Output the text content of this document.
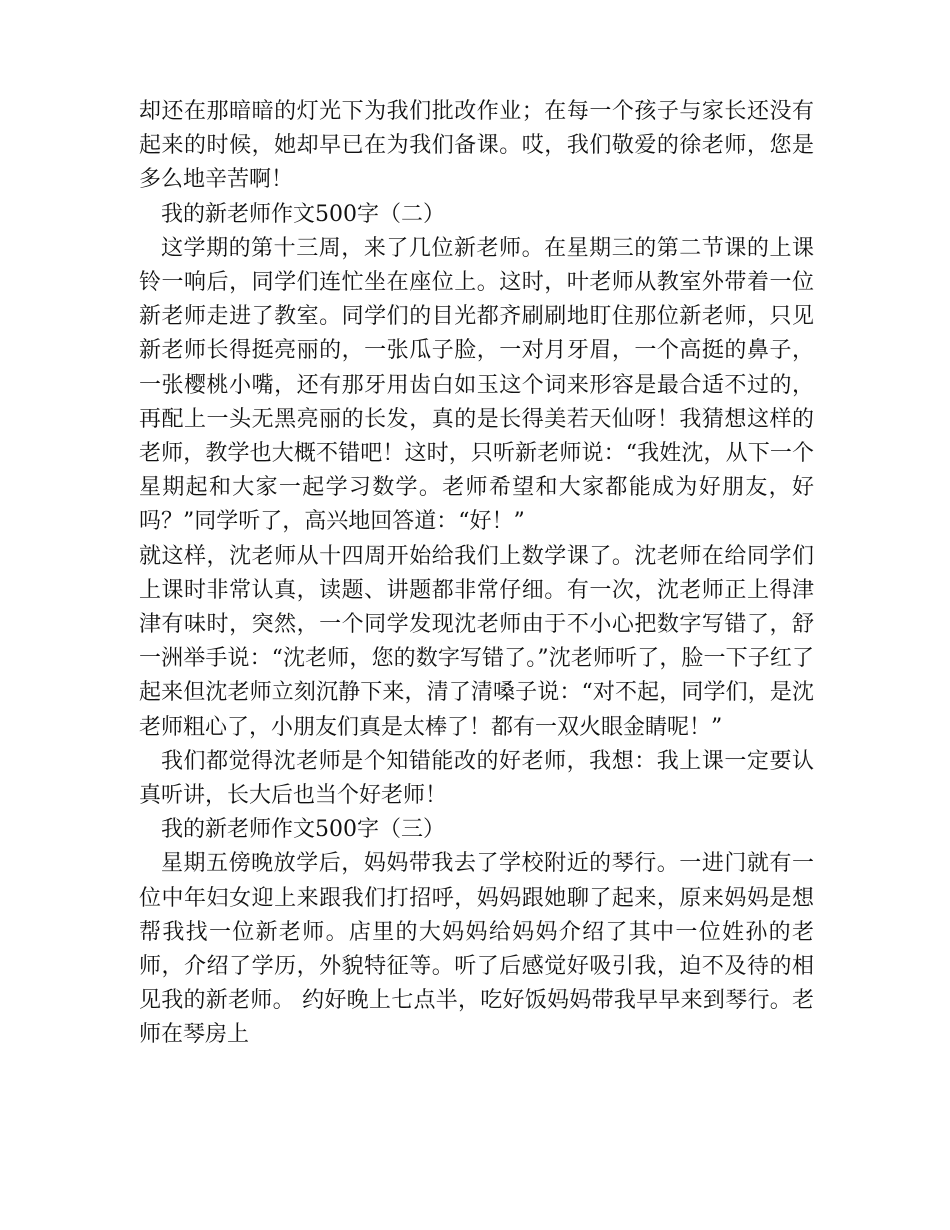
却还在那暗暗的灯光下为我们批改作业；在每一个孩子与家长还没有起来的时候，她却早已在为我们备课。哎，我们敬爱的徐老师，您是多么地辛苦啊！

我的新老师作文500字（二）

这学期的第十三周，来了几位新老师。在星期三的第二节课的上课铃一响后，同学们连忙坐在座位上。这时，叶老师从教室外带着一位新老师走进了教室。同学们的目光都齐刷刷地盯住那位新老师，只见新老师长得挺亮丽的，一张瓜子脸，一对月牙眉，一个高挺的鼻子，一张樱桃小嘴，还有那牙用齿白如玉这个词来形容是最合适不过的，再配上一头无黑亮丽的长发，真的是长得美若天仙呀！我猜想这样的老师，教学也大概不错吧！这时，只听新老师说：“我姓沈，从下一个星期起和大家一起学习数学。老师希望和大家都能成为好朋友，好吗？”同学听了，高兴地回答道：“好！”

就这样，沈老师从十四周开始给我们上数学课了。沈老师在给同学们上课时非常认真，读题、讲题都非常仔细。有一次，沈老师正上得津津有味时，突然，一个同学发现沈老师由于不小心把数字写错了，舒一洲举手说：“沈老师，您的数字写错了。”沈老师听了，脸一下子红了起来但沈老师立刻沉静下来，清了清嗓子说：“对不起，同学们，是沈老师粗心了，小朋友们真是太棒了！都有一双火眼金睛呢！”

我们都觉得沈老师是个知错能改的好老师，我想：我上课一定要认真听讲，长大后也当个好老师！

我的新老师作文500字（三）

星期五傍晚放学后，妈妈带我去了学校附近的琴行。一进门就有一位中年妇女迎上来跟我们打招呼，妈妈跟她聊了起来，原来妈妈是想帮我找一位新老师。店里的大妈妈给妈妈介绍了其中一位姓孙的老师，介绍了学历，外貌特征等。听了后感觉好吸引我，迫不及待的相见我的新老师。 约好晚上七点半，吃好饭妈妈带我早早来到琴行。老师在琴房上
